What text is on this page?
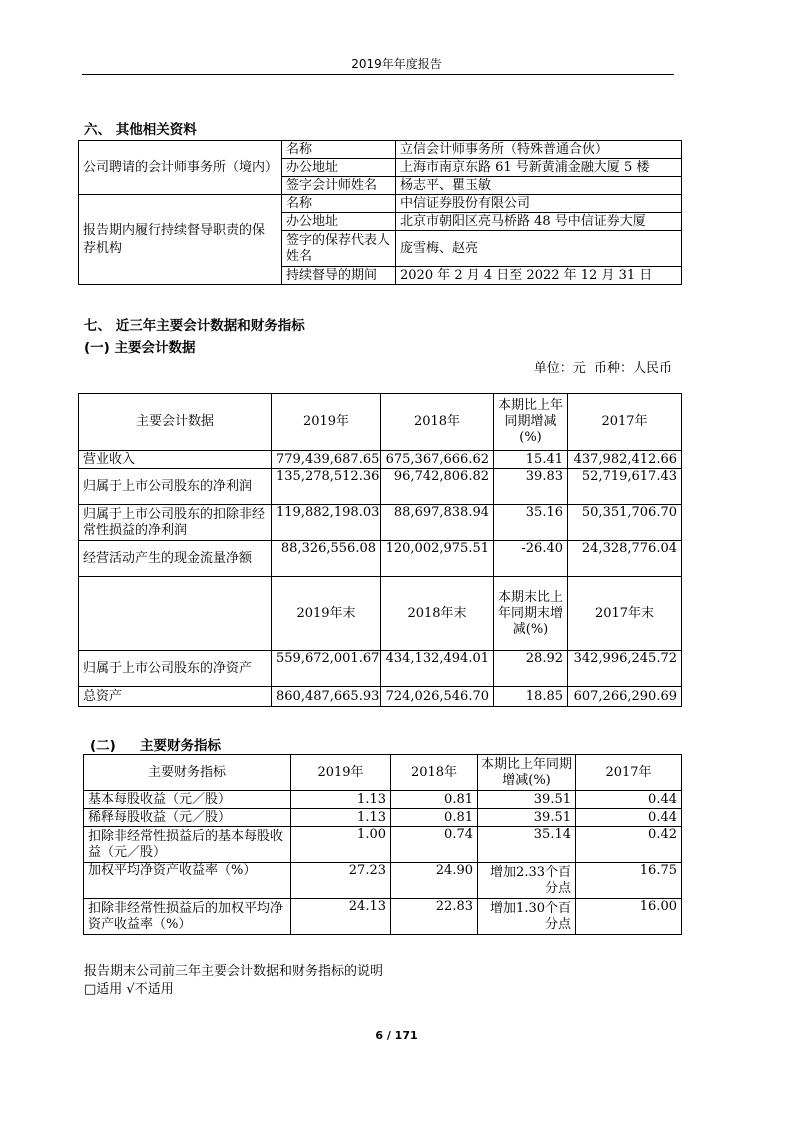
2019年年度报告
六、 其他相关资料
公司聘请的会计师事务所（境内）	名称	立信会计师事务所（特殊普通合伙）
	办公地址	上海市南京东路 61 号新黄浦金融大厦 5 楼
	签字会计师姓名	杨志平、瞿玉敏
报告期内履行持续督导职责的保荐机构	名称	中信证券股份有限公司
	办公地址	北京市朝阳区亮马桥路 48 号中信证券大厦
	签字的保荐代表人姓名	庞雪梅、赵亮
	持续督导的期间	2020 年 2 月 4 日至 2022 年 12 月 31 日
七、 近三年主要会计数据和财务指标
(一) 主要会计数据
单位：元  币种：人民币
主要会计数据	2019年	2018年	本期比上年同期增减(%)	2017年
营业收入	779,439,687.65	675,367,666.62	15.41	437,982,412.66
归属于上市公司股东的净利润	135,278,512.36	96,742,806.82	39.83	52,719,617.43
归属于上市公司股东的扣除非经常性损益的净利润	119,882,198.03	88,697,838.94	35.16	50,351,706.70
经营活动产生的现金流量净额	88,326,556.08	120,002,975.51	-26.40	24,328,776.04
	2019年末	2018年末	本期末比上年同期末增减(%)	2017年末
归属于上市公司股东的净资产	559,672,001.67	434,132,494.01	28.92	342,996,245.72
总资产	860,487,665.93	724,026,546.70	18.85	607,266,290.69
(二) 主要财务指标
主要财务指标	2019年	2018年	本期比上年同期增减(%)	2017年
基本每股收益（元／股）	1.13	0.81	39.51	0.44
稀释每股收益（元／股）	1.13	0.81	39.51	0.44
扣除非经常性损益后的基本每股收益（元／股）	1.00	0.74	35.14	0.42
加权平均净资产收益率（%）	27.23	24.90	增加2.33个百分点	16.75
扣除非经常性损益后的加权平均净资产收益率（%）	24.13	22.83	增加1.30个百分点	16.00
报告期末公司前三年主要会计数据和财务指标的说明
□适用 √不适用
6 / 171
